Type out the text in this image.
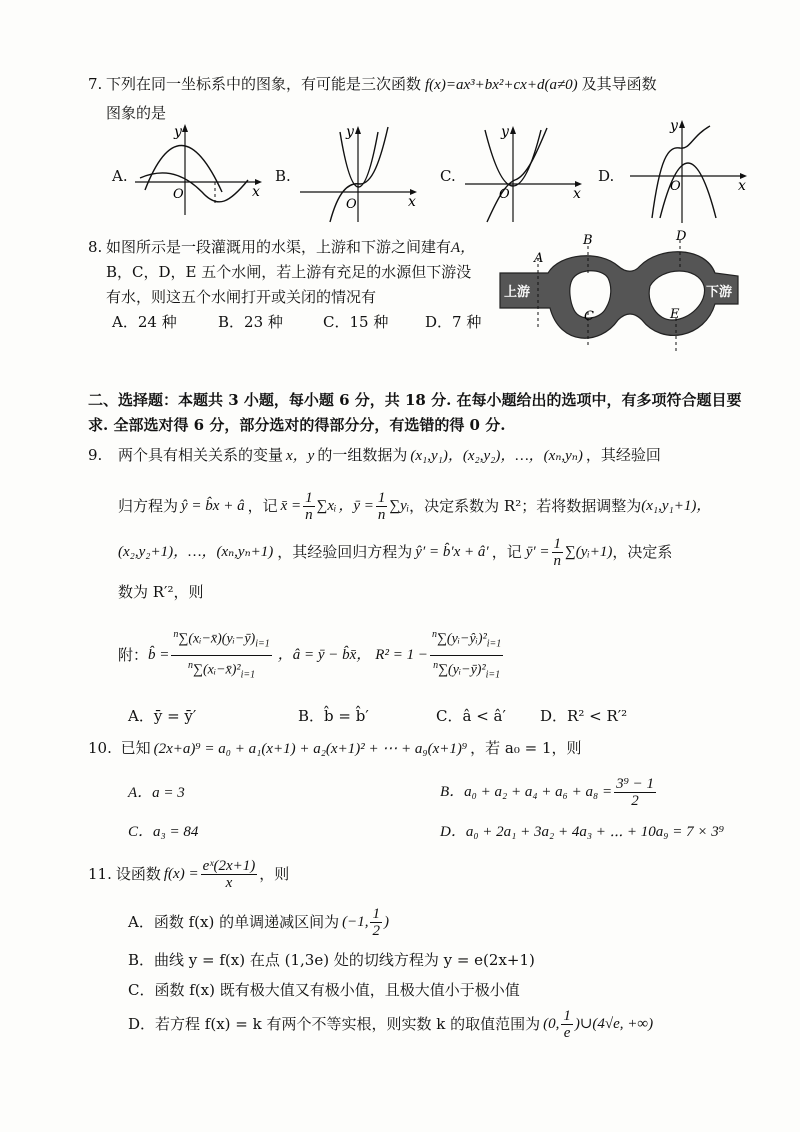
7. 下列在同一坐标系中的图象，有可能是三次函数 f(x)=ax³+bx²+cx+d(a≠0) 及其导函数
图象的是
A.	B.	C.	D.
y
x
O
y
x
O
y
x
O
y
x
O
8. 如图所示是一段灌溉用的水渠，上游和下游之间建有A，
B，C，D，E 五个水闸，若上游有充足的水源但下游没
有水，则这五个水闸打开或关闭的情况有
A．24 种	B．23 种	C．15 种 D．7 种
A
B
C
D
E
上游	下游
二、选择题：本题共 3 小题，每小题 6 分，共 18 分. 在每小题给出的选项中，有多项符合题目要
求. 全部选对得 6 分，部分选对的得部分分，有选错的得 0 分.
9. 两个具有相关关系的变量 x，y 的一组数据为 (x₁,y₁)，(x₂,y₂)，…，(xₙ,yₙ) ，其经验回
归方程为 ŷ = b̂x + â ，记 x̄ = $\frac{1}{n}$ ∑xᵢ ，ȳ = $\frac{1}{n}$ ∑yᵢ ，决定系数为 R²；若将数据调整为 (x₁,y₁+1)，
(x₂,y₂+1)，…，(xₙ,yₙ+1) ，其经验回归方程为 ŷ′ = b̂′x + â′ ，记 ȳ′ = $\frac{1}{n}$ ∑(yᵢ+1) ，决定系
数为 R′²，则
附： b̂ = $\frac{^n\sum(xᵢ-x̄)(yᵢ-ȳ)_{i=1}}{^n\sum(xᵢ-x̄)^2_{i=1}}$ ，â = ȳ − b̂x̄， $R^2 = 1 - \frac{^n\sum(yᵢ-ŷᵢ)^2_{i=1}}{^n\sum(yᵢ-ȳ)^2_{i=1}}$
A．ȳ = ȳ′	B．b̂ = b̂′	C．â < â′ D．R² < R′²
10. 已知 (2x+a)⁹ = a₀ + a₁(x+1) + a₂(x+1)² + ⋯ + a₉(x+1)⁹ ，若 a₀ = 1，则
A．a = 3	B．$a_0 + a_2 + a_4 + a_6 + a_8 = \frac{\text{3⁹ − 1}}{2}$
C．a₃ = 84	D．a₀ + 2a₁ + 3a₂ + 4a₃ + ⋯ + 10a₉ = 7 × 3⁹
11. 设函数 $f(x) = \frac{\text{eˣ(2x+1)}}{x}$ ，则
A．函数 f(x) 的单调递减区间为 (−1, $\frac{1}{2}$ )
B．曲线 y = f(x) 在点 (1,3e) 处的切线方程为 y = e(2x+1)
C．函数 f(x) 既有极大值又有极小值，且极大值小于极小值
D．若方程 f(x) = k 有两个不等实根，则实数 k 的取值范围为 (0, $\frac{1}{e}$ )∪(4√e, +∞)
